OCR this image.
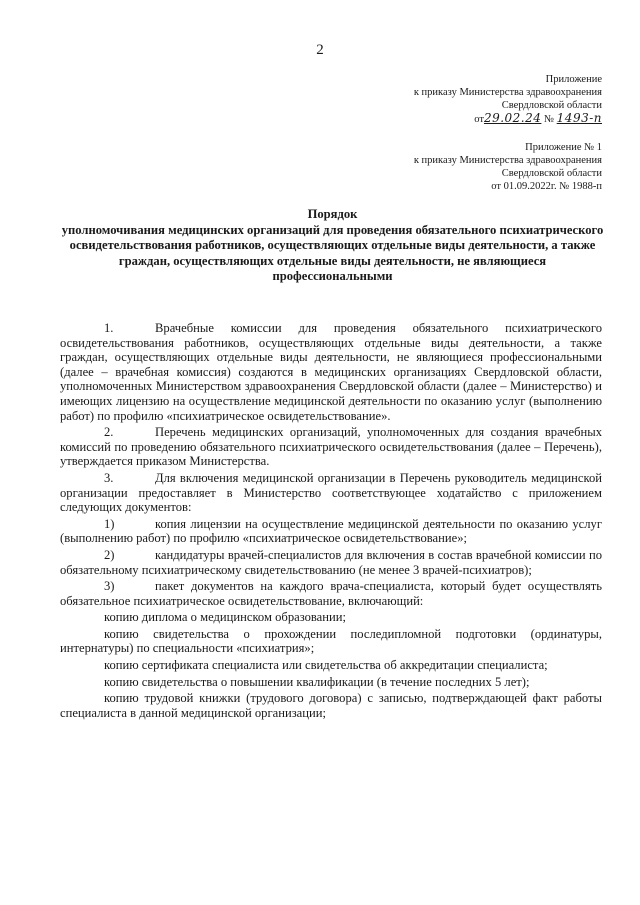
2
Приложение
к приказу Министерства здравоохранения
Свердловской области
от29.02.24 № 1493-п
Приложение № 1
к приказу Министерства здравоохранения
Свердловской области
от 01.09.2022г. № 1988-п
Порядок
уполномочивания медицинских организаций для проведения обязательного психиатрического освидетельствования работников, осуществляющих отдельные виды деятельности, а также граждан, осуществляющих отдельные виды деятельности, не являющиеся профессиональными

1.	Врачебные комиссии для проведения обязательного психиатрического освидетельствования работников, осуществляющих отдельные виды деятельности, а также граждан, осуществляющих отдельные виды деятельности, не являющиеся профессиональными (далее – врачебная комиссия) создаются в медицинских организациях Свердловской области, уполномоченных Министерством здравоохранения Свердловской области (далее – Министерство) и имеющих лицензию на осуществление медицинской деятельности по оказанию услуг (выполнению работ) по профилю «психиатрическое освидетельствование».

2.	Перечень медицинских организаций, уполномоченных для создания врачебных комиссий по проведению обязательного психиатрического освидетельствования (далее – Перечень), утверждается приказом Министерства.

3.	Для включения медицинской организации в Перечень руководитель медицинской организации предоставляет в Министерство соответствующее ходатайство с приложением следующих документов:

1)	копия лицензии на осуществление медицинской деятельности по оказанию услуг (выполнению работ) по профилю «психиатрическое освидетельствование»;

2)	кандидатуры врачей-специалистов для включения в состав врачебной комиссии по обязательному психиатрическому свидетельствованию (не менее 3 врачей-психиатров);

3)	пакет документов на каждого врача-специалиста, который будет осуществлять обязательное психиатрическое освидетельствование, включающий:

копию диплома о медицинском образовании;

копию свидетельства о прохождении последипломной подготовки (ординатуры, интернатуры) по специальности «психиатрия»;

копию сертификата специалиста или свидетельства об аккредитации специалиста;

копию свидетельства о повышении квалификации (в течение последних 5 лет);

копию трудовой книжки (трудового договора) с записью, подтверждающей факт работы специалиста в данной медицинской организации;
